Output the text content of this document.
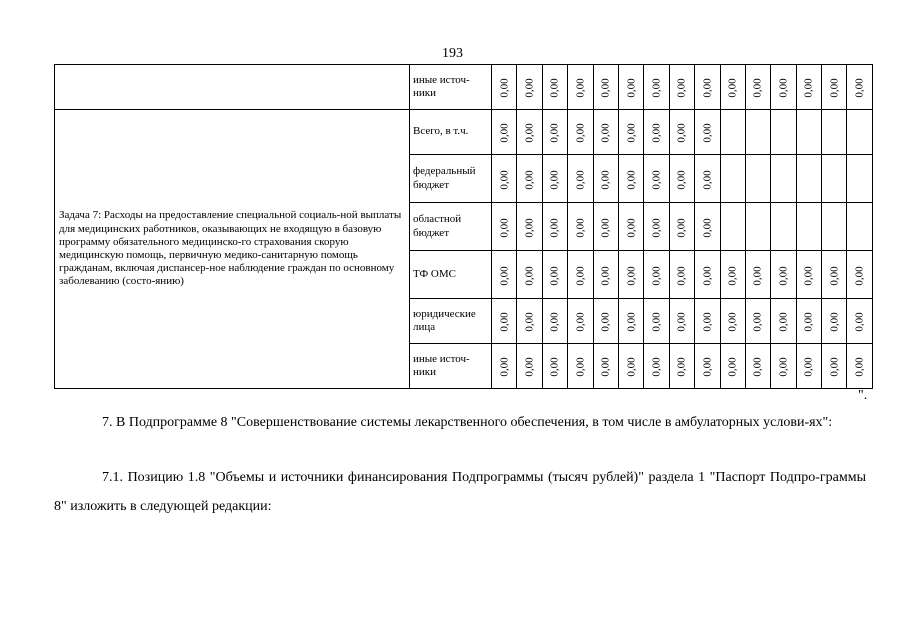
193
	иные источ-ники	0,00	0,00	0,00	0,00	0,00	0,00	0,00	0,00	0,00	0,00	0,00	0,00	0,00	0,00	0,00
Задача 7: Расходы на предоставление специальной социаль-ной выплаты для медицинских работников, оказывающих не входящую в базовую программу обязательного медицинско-го страхования скорую медицинскую помощь, первичную медико-санитарную помощь гражданам, включая диспансер-ное наблюдение граждан по основному заболеванию (состо-янию)	Всего, в т.ч.	0,00	0,00	0,00	0,00	0,00	0,00	0,00	0,00	0,00						
	федеральный бюджет	0,00	0,00	0,00	0,00	0,00	0,00	0,00	0,00	0,00						
	областной бюджет	0,00	0,00	0,00	0,00	0,00	0,00	0,00	0,00	0,00						
	ТФ ОМС	0,00	0,00	0,00	0,00	0,00	0,00	0,00	0,00	0,00	0,00	0,00	0,00	0,00	0,00	0,00
	юридические лица	0,00	0,00	0,00	0,00	0,00	0,00	0,00	0,00	0,00	0,00	0,00	0,00	0,00	0,00	0,00
	иные источ-ники	0,00	0,00	0,00	0,00	0,00	0,00	0,00	0,00	0,00	0,00	0,00	0,00	0,00	0,00	0,00
".
7. В Подпрограмме 8 "Совершенствование системы лекарственного обеспечения, в том числе в амбулаторных услови-ях":
7.1. Позицию 1.8 "Объемы и источники финансирования Подпрограммы (тысяч рублей)" раздела 1 "Паспорт Подпро-граммы 8" изложить в следующей редакции:
